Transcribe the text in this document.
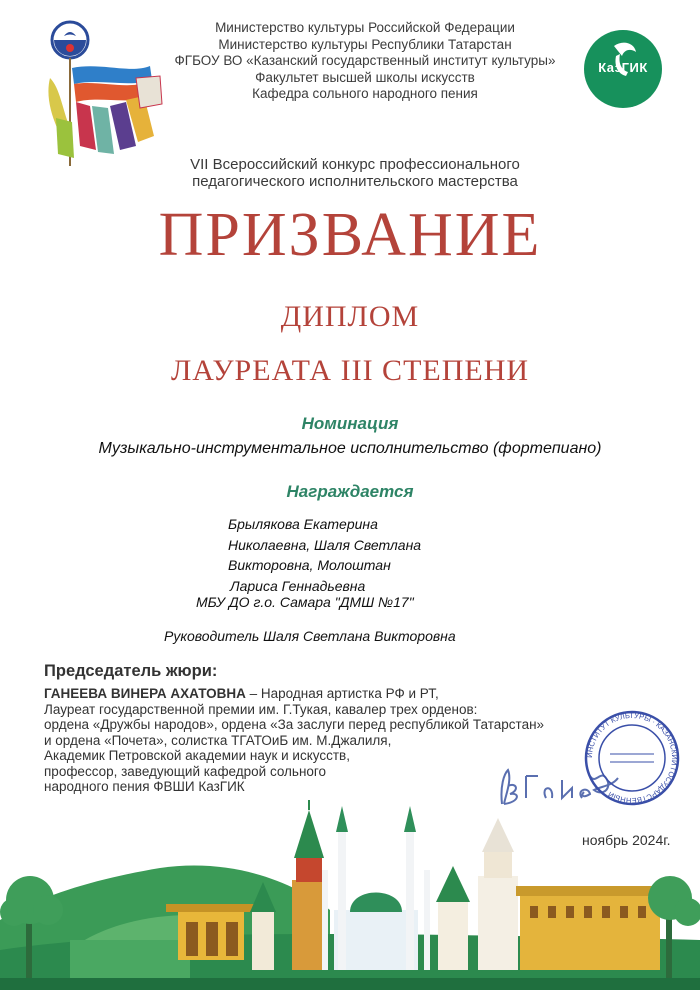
Министерство культуры Российской Федерации
Министерство культуры Республики Татарстан
ФГБОУ ВО «Казанский государственный институт культуры»
Факультет высшей школы искусств
Кафедра сольного народного пения
КазГИК
VII Всероссийский конкурс профессионального
педагогического исполнительского мастерства
ПРИЗВАНИЕ
ДИПЛОМ
ЛАУРЕАТА III СТЕПЕНИ
Номинация
Музыкально-инструментальное исполнительство (фортепиано)
Награждается
Брылякова Екатерина
Николаевна, Шаля Светлана
Викторовна, Молоштан
Лариса Геннадьевна
МБУ ДО г.о. Самара "ДМШ №17"
Руководитель Шаля Светлана Викторовна
Председатель жюри:
ГАНЕЕВА ВИНЕРА АХАТОВНА – Народная артистка РФ и РТ,
Лауреат государственной премии им. Г.Тукая, кавалер трех орденов:
ордена «Дружбы народов», ордена «За заслуги перед республикой Татарстан»
и ордена «Почета», солистка ТГАТОиБ им. М.Джалиля,
Академик Петровской академии наук и искусств,
профессор, заведующий кафедрой сольного
народного пения ФВШИ КазГИК
ИНСТИТУТ КУЛЬТУРЫ · КАЗАНСКИЙ ГОСУДАРСТВЕННЫЙ
ноябрь 2024г.
